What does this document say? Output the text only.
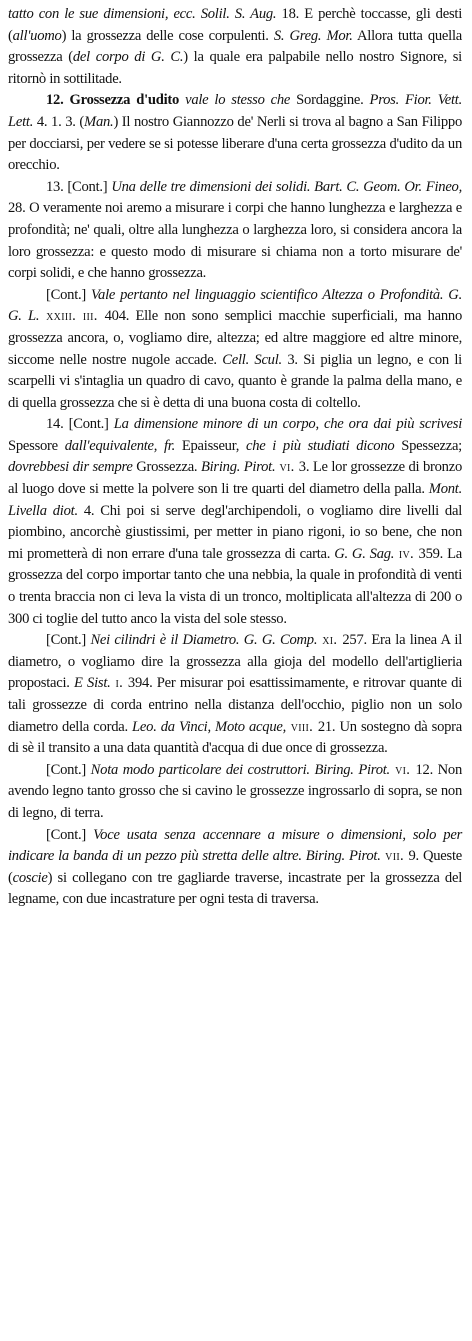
tatto con le sue dimensioni, ecc. Solil. S. Aug. 18. E perchè toccasse, gli desti (all'uomo) la grossezza delle cose corpulenti. S. Greg. Mor. Allora tutta quella grossezza (del corpo di G. C.) la quale era palpabile nello nostro Signore, si ritornò in sottilitade.

12. Grossezza d'udito vale lo stesso che Sordaggine. Pros. Fior. Vett. Lett. 4. 1. 3. (Man.) Il nostro Giannozzo de' Nerli si trova al bagno a San Filippo per docciarsi, per vedere se si potesse liberare d'una certa grossezza d'udito da un orecchio.

13. [Cont.] Una delle tre dimensioni dei solidi. Bart. C. Geom. Or. Fineo, 28. O veramente noi aremo a misurare i corpi che hanno lunghezza e larghezza e profondità; ne' quali, oltre alla lunghezza o larghezza loro, si considera ancora la loro grossezza: e questo modo di misurare si chiama non a torto misurare de' corpi solidi, e che hanno grossezza.

[Cont.] Vale pertanto nel linguaggio scientifico Altezza o Profondità. G. G. L. xxiii. iii. 404. Elle non sono semplici macchie superficiali, ma hanno grossezza ancora, o, vogliamo dire, altezza; ed altre maggiore ed altre minore, siccome nelle nostre nugole accade. Cell. Scul. 3. Si piglia un legno, e con li scarpelli vi s'intaglia un quadro di cavo, quanto è grande la palma della mano, e di quella grossezza che si è detta di una buona costa di coltello.

14. [Cont.] La dimensione minore di un corpo, che ora dai più scrivesi Spessore dall'equivalente, fr. Epaisseur, che i più studiati dicono Spessezza; dovrebbesi dir sempre Grossezza. Biring. Pirot. vi. 3. Le lor grossezze di bronzo al luogo dove si mette la polvere son li tre quarti del diametro della palla. Mont. Livella diot. 4. Chi poi si serve degl'archipendoli, o vogliamo dire livelli dal piombino, ancorchè giustissimi, per metter in piano rigoni, io so bene, che non mi prometterà di non errare d'una tale grossezza di carta. G. G. Sag. iv. 359. La grossezza del corpo importar tanto che una nebbia, la quale in profondità di venti o trenta braccia non ci leva la vista di un tronco, moltiplicata all'altezza di 200 o 300 ci toglie del tutto anco la vista del sole stesso.

[Cont.] Nei cilindri è il Diametro. G. G. Comp. xi. 257. Era la linea A il diametro, o vogliamo dire la grossezza alla gioja del modello dell'artiglieria propostaci. E Sist. i. 394. Per misurar poi esattissimamente, e ritrovar quante di tali grossezze di corda entrino nella distanza dell'occhio, piglio non un solo diametro della corda. Leo. da Vinci, Moto acque, viii. 21. Un sostegno dà sopra di sè il transito a una data quantità d'acqua di due once di grossezza.

[Cont.] Nota modo particolare dei costruttori. Biring. Pirot. vi. 12. Non avendo legno tanto grosso che si cavino le grossezze ingrossarlo di sopra, se non di legno, di terra.

[Cont.] Voce usata senza accennare a misure o dimensioni, solo per indicare la banda di un pezzo più stretta delle altre. Biring. Pirot. vii. 9. Queste (coscie) si collegano con tre gagliarde traverse, incastrate per la grossezza del legname, con due incastrature per ogni testa di traversa.
